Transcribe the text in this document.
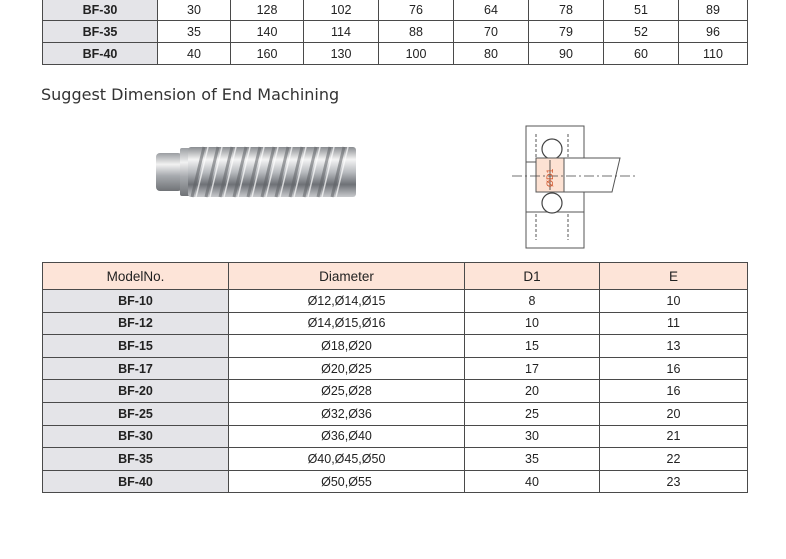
BF-30	30	128	102	76	64	78	51	89
BF-35	35	140	114	88	70	79	52	96
BF-40	40	160	130	100	80	90	60	110
Suggest Dimension of End Machining
ØD1
ModelNo.	Diameter	D1	E
BF-10	Ø12,Ø14,Ø15	8	10
BF-12	Ø14,Ø15,Ø16	10	11
BF-15	Ø18,Ø20	15	13
BF-17	Ø20,Ø25	17	16
BF-20	Ø25,Ø28	20	16
BF-25	Ø32,Ø36	25	20
BF-30	Ø36,Ø40	30	21
BF-35	Ø40,Ø45,Ø50	35	22
BF-40	Ø50,Ø55	40	23
